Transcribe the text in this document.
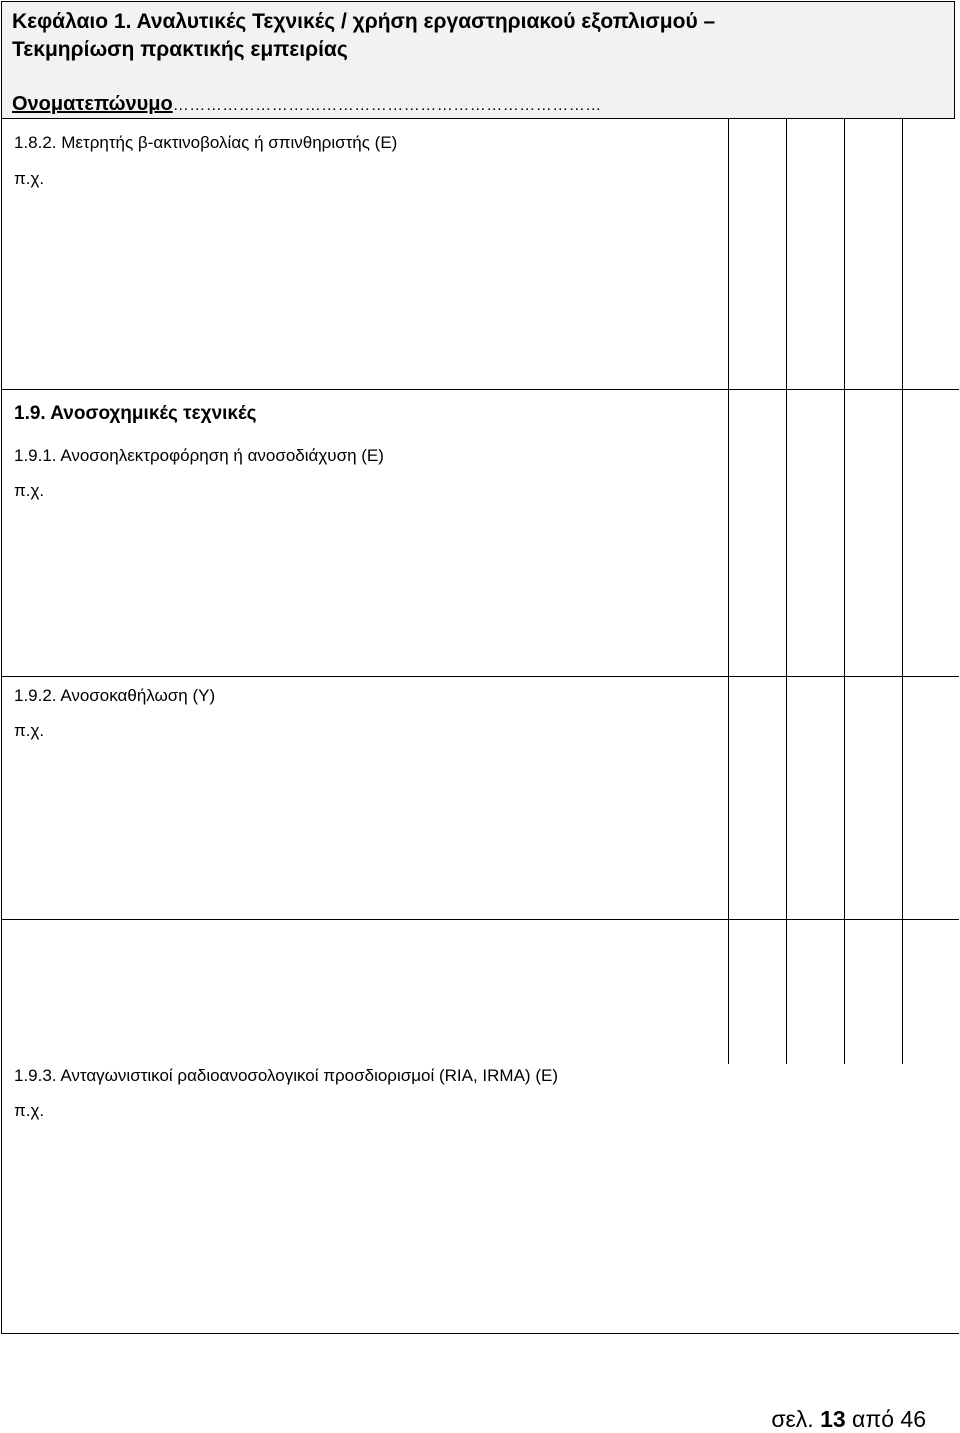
Κεφάλαιο 1. Αναλυτικές Τεχνικές / χρήση εργαστηριακού εξοπλισμού –
Τεκμηρίωση πρακτικής εμπειρίας
Ονοματεπώνυμο……………………………………………………………………
1.8.2. Μετρητής β-ακτινοβολίας ή σπινθηριστής (Ε)
π.χ.
1.9. Ανοσοχημικές τεχνικές
1.9.1. Ανοσοηλεκτροφόρηση ή ανοσοδιάχυση (Ε)
π.χ.
1.9.2. Ανοσοκαθήλωση (Υ)
π.χ.
1.9.3. Ανταγωνιστικοί ραδιοανοσολογικοί προσδιορισμοί (RIA, IRMA) (Ε)
π.χ.
σελ. 13 από 46
